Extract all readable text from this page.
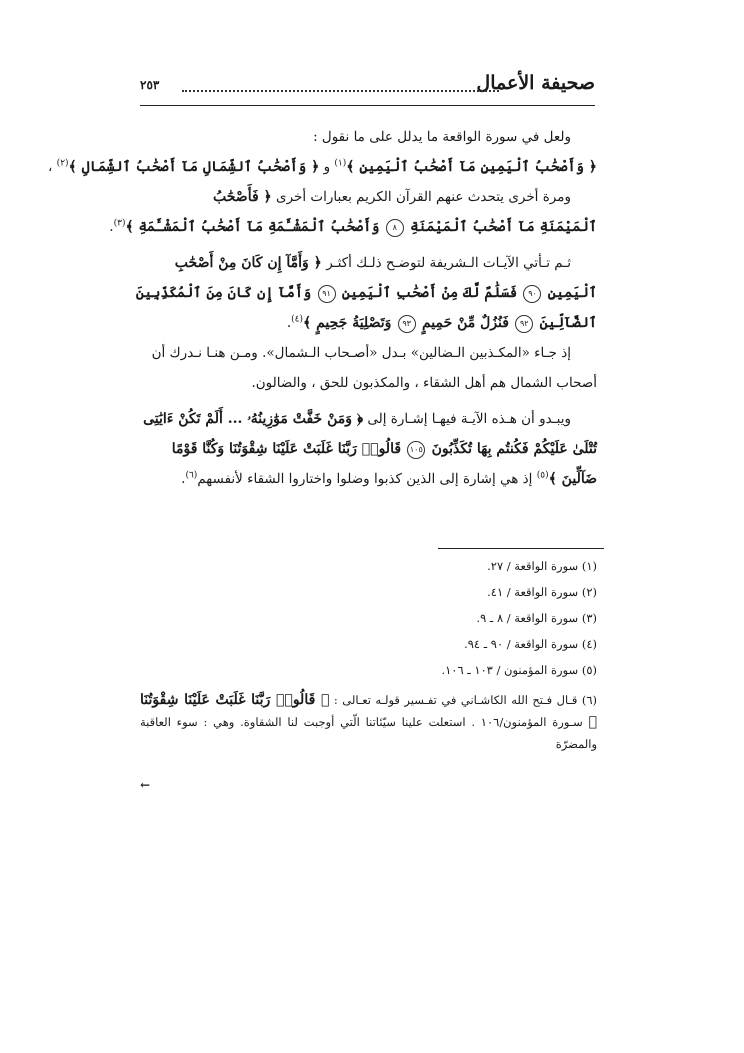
صحيفة الأعمال
٢٥٣

ولعل في سورة الواقعة ما يدلل على ما نقول :

﴿ وَأَصْحَٰبُ ٱلْيَمِينِ مَآ أَصْحَٰبُ ٱلْيَمِينِ ﴾$^{(١)}$ و ﴿ وَأَصْحَٰبُ ٱلشِّمَالِ مَآ أَصْحَٰبُ ٱلشِّمَالِ ﴾$^{(٢)}$ ،

ومرة أخرى يتحدث عنهم القرآن الكريم بعبارات أخرى ﴿ فَأَصْحَٰبُ
ٱلْمَيْمَنَةِ مَآ أَصْحَٰبُ ٱلْمَيْمَنَةِ ٨ وَأَصْحَٰبُ ٱلْمَشْـَٔمَةِ مَآ أَصْحَٰبُ ٱلْمَشْـَٔمَةِ ﴾$^{(٣)}$.

ثـم تـأتي الآيـات الـشريفة لتوضـح ذلـك أكثـر ﴿ وَأَمَّآ إِن كَانَ مِنْ أَصْحَٰبِ
ٱلْيَمِينِ ٩٠ فَسَلَٰمٌ لَّكَ مِنْ أَصْحَٰبِ ٱلْيَمِينِ ٩١ وَأَمَّآ إِن كَانَ مِنَ ٱلْمُكَذِّبِينَ
ٱلضَّآلِّينَ ٩٢ فَنُزُلٌ مِّنْ حَمِيمٍ ٩٣ وَتَصْلِيَةُ جَحِيمٍ ﴾$^{(٤)}$.

إذ جـاء «المكـذبين الـضالين» بـدل «أصـحاب الـشمال». ومـن هنـا نـدرك أن
أصحاب الشمال هم أهل الشقاء ، والمكذبون للحق ، والضالون.

ويبـدو أن هـذه الآيـة فيهـا إشـارة إلى ﴿ وَمَنْ خَفَّتْ مَوَٰزِينُهُۥ ... أَلَمْ تَكُنْ ءَايَٰتِى
تُتْلَىٰ عَلَيْكُمْ فَكُنتُم بِهَا تُكَذِّبُونَ ١٠٥ قَالُوا۟ رَبَّنَا غَلَبَتْ عَلَيْنَا شِقْوَتُنَا وَكُنَّا قَوْمًا
ضَآلِّينَ ﴾$^{(٥)}$ إذ هي إشارة إلى الذين كذبوا وضلوا واختاروا الشقاء لأنفسهم$^{(٦)}$.

(١) سورة الواقعة / ٢٧.

(٢) سورة الواقعة / ٤١.

(٣) سورة الواقعة / ٨ ـ ٩.

(٤) سورة الواقعة / ٩٠ ـ ٩٤.

(٥) سورة المؤمنون / ١٠٣ ـ ١٠٦.

(٦) قـال فـتح الله الكاشـاني في تفـسير قولـه تعـالى : ﴿ قَالُوا۟ رَبَّنَا غَلَبَتْ عَلَيْنَا شِقْوَتُنَا ﴾ سـورة المؤمنون/١٠٦ . استعلت علينا سيّئاتنا الّتي أوجبت لنا الشقاوة. وهي : سوء العاقبة والمضرّة

←
